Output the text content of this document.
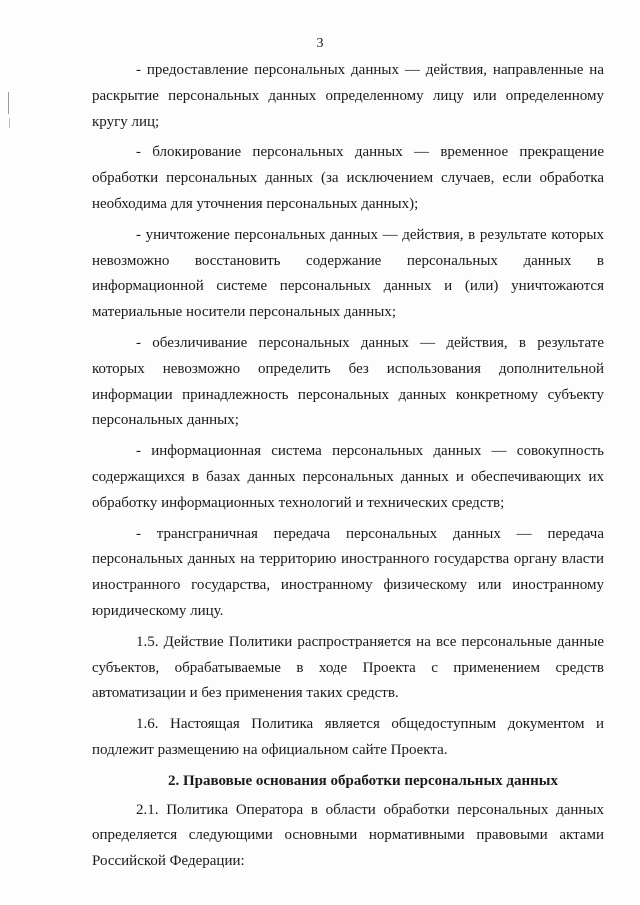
3

- предоставление персональных данных — действия, направленные на раскрытие персональных данных определенному лицу или определенному кругу лиц;

- блокирование персональных данных — временное прекращение обработки персональных данных (за исключением случаев, если обработка необходима для уточнения персональных данных);

- уничтожение персональных данных — действия, в результате которых невозможно восстановить содержание персональных данных в информационной системе персональных данных и (или) уничтожаются материальные носители персональных данных;

- обезличивание персональных данных — действия, в результате которых невозможно определить без использования дополнительной информации принадлежность персональных данных конкретному субъекту персональных данных;

- информационная система персональных данных — совокупность содержащихся в базах данных персональных данных и обеспечивающих их обработку информационных технологий и технических средств;

- трансграничная передача персональных данных — передача персональных данных на территорию иностранного государства органу власти иностранного государства, иностранному физическому или иностранному юридическому лицу.

1.5. Действие Политики распространяется на все персональные данные субъектов, обрабатываемые в ходе Проекта с применением средств автоматизации и без применения таких средств.

1.6. Настоящая Политика является общедоступным документом и подлежит размещению на официальном сайте Проекта.

2. Правовые основания обработки персональных данных

2.1. Политика Оператора в области обработки персональных данных определяется следующими основными нормативными правовыми актами Российской Федерации:
